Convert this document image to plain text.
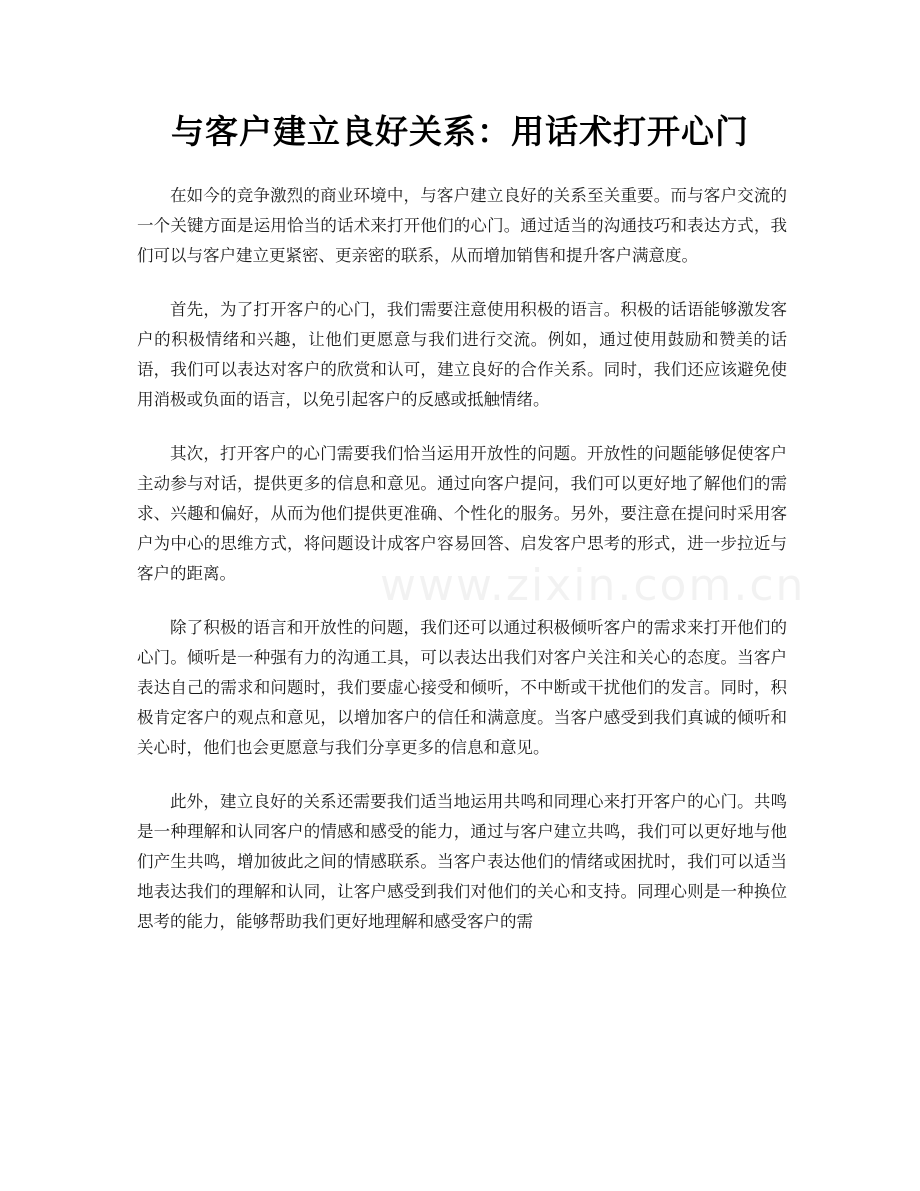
与客户建立良好关系：用话术打开心门
www.zixin.com.cn

在如今的竞争激烈的商业环境中，与客户建立良好的关系至关重要。而与客户交流的一个关键方面是运用恰当的话术来打开他们的心门。通过适当的沟通技巧和表达方式，我们可以与客户建立更紧密、更亲密的联系，从而增加销售和提升客户满意度。

首先，为了打开客户的心门，我们需要注意使用积极的语言。积极的话语能够激发客户的积极情绪和兴趣，让他们更愿意与我们进行交流。例如，通过使用鼓励和赞美的话语，我们可以表达对客户的欣赏和认可，建立良好的合作关系。同时，我们还应该避免使用消极或负面的语言，以免引起客户的反感或抵触情绪。

其次，打开客户的心门需要我们恰当运用开放性的问题。开放性的问题能够促使客户主动参与对话，提供更多的信息和意见。通过向客户提问，我们可以更好地了解他们的需求、兴趣和偏好，从而为他们提供更准确、个性化的服务。另外，要注意在提问时采用客户为中心的思维方式，将问题设计成客户容易回答、启发客户思考的形式，进一步拉近与客户的距离。

除了积极的语言和开放性的问题，我们还可以通过积极倾听客户的需求来打开他们的心门。倾听是一种强有力的沟通工具，可以表达出我们对客户关注和关心的态度。当客户表达自己的需求和问题时，我们要虚心接受和倾听，不中断或干扰他们的发言。同时，积极肯定客户的观点和意见，以增加客户的信任和满意度。当客户感受到我们真诚的倾听和关心时，他们也会更愿意与我们分享更多的信息和意见。

此外，建立良好的关系还需要我们适当地运用共鸣和同理心来打开客户的心门。共鸣是一种理解和认同客户的情感和感受的能力，通过与客户建立共鸣，我们可以更好地与他们产生共鸣，增加彼此之间的情感联系。当客户表达他们的情绪或困扰时，我们可以适当地表达我们的理解和认同，让客户感受到我们对他们的关心和支持。同理心则是一种换位思考的能力，能够帮助我们更好地理解和感受客户的需
